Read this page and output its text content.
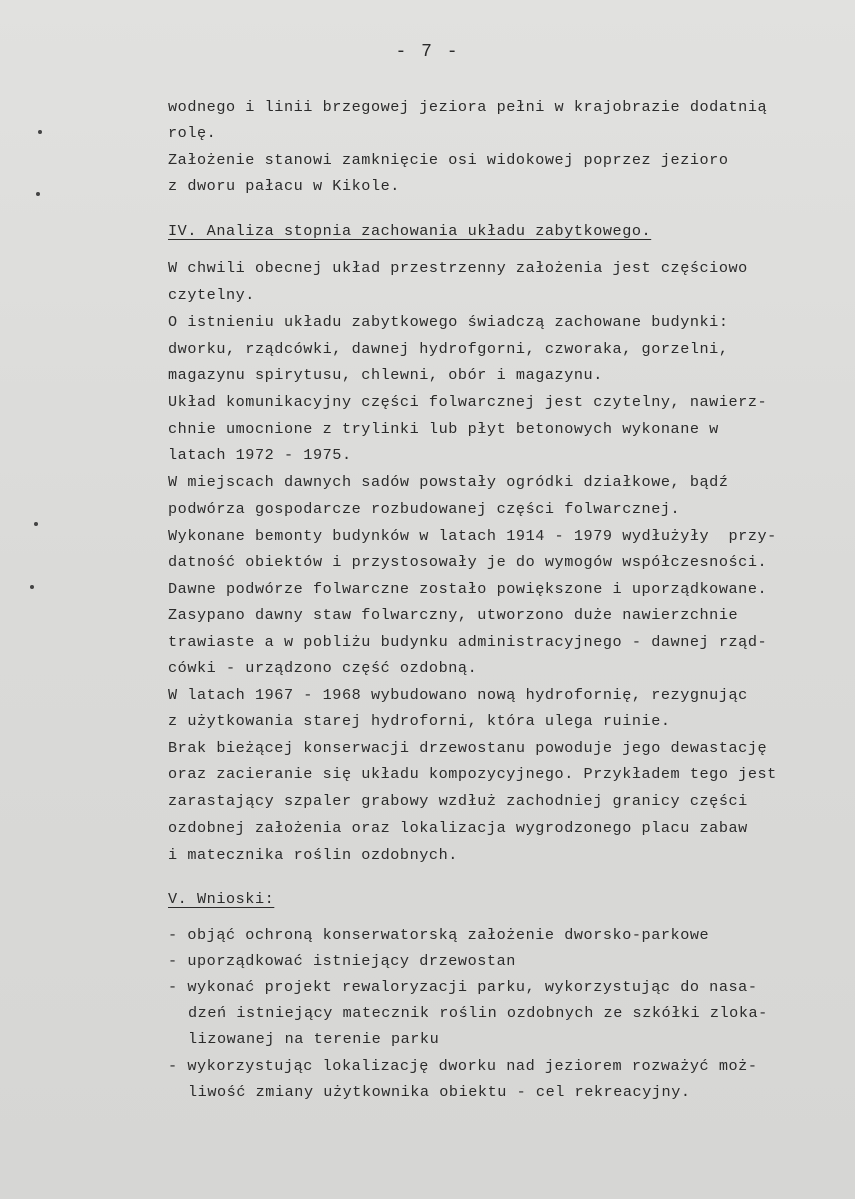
- 7 -
wodnego i linii brzegowej jeziora pełni w krajobrazie dodatnią
rolę.
Założenie stanowi zamknięcie osi widokowej poprzez jezioro
z dworu pałacu w Kikole.
IV. Analiza stopnia zachowania układu zabytkowego.
W chwili obecnej układ przestrzenny założenia jest częściowo
czytelny.
O istnieniu układu zabytkowego świadczą zachowane budynki:
dworku, rządcówki, dawnej hydrofgorni, czworaka, gorzelni,
magazynu spirytusu, chlewni, obór i magazynu.
Układ komunikacyjny części folwarcznej jest czytelny, nawierz-
chnie umocnione z trylinki lub płyt betonowych wykonane w
latach 1972 - 1975.
W miejscach dawnych sadów powstały ogródki działkowe, bądź
podwórza gospodarcze rozbudowanej części folwarcznej.
Wykonane bemonty budynków w latach 1914 - 1979 wydłużyły  przy-
datność obiektów i przystosowały je do wymogów współczesności.
Dawne podwórze folwarczne zostało powiększone i uporządkowane.
Zasypano dawny staw folwarczny, utworzono duże nawierzchnie
trawiaste a w pobliżu budynku administracyjnego - dawnej rząd-
cówki - urządzono część ozdobną.
W latach 1967 - 1968 wybudowano nową hydrofornię, rezygnując
z użytkowania starej hydroforni, która ulega ruinie.
Brak bieżącej konserwacji drzewostanu powoduje jego dewastację
oraz zacieranie się układu kompozycyjnego. Przykładem tego jest
zarastający szpaler grabowy wzdłuż zachodniej granicy części
ozdobnej założenia oraz lokalizacja wygrodzonego placu zabaw
i matecznika roślin ozdobnych.
V. Wnioski:
- objąć ochroną konserwatorską założenie dworsko-parkowe
- uporządkować istniejący drzewostan
- wykonać projekt rewaloryzacji parku, wykorzystując do nasa-
dzeń istniejący matecznik roślin ozdobnych ze szkółki zloka-
lizowanej na terenie parku
- wykorzystując lokalizację dworku nad jeziorem rozważyć moż-
liwość zmiany użytkownika obiektu - cel rekreacyjny.
